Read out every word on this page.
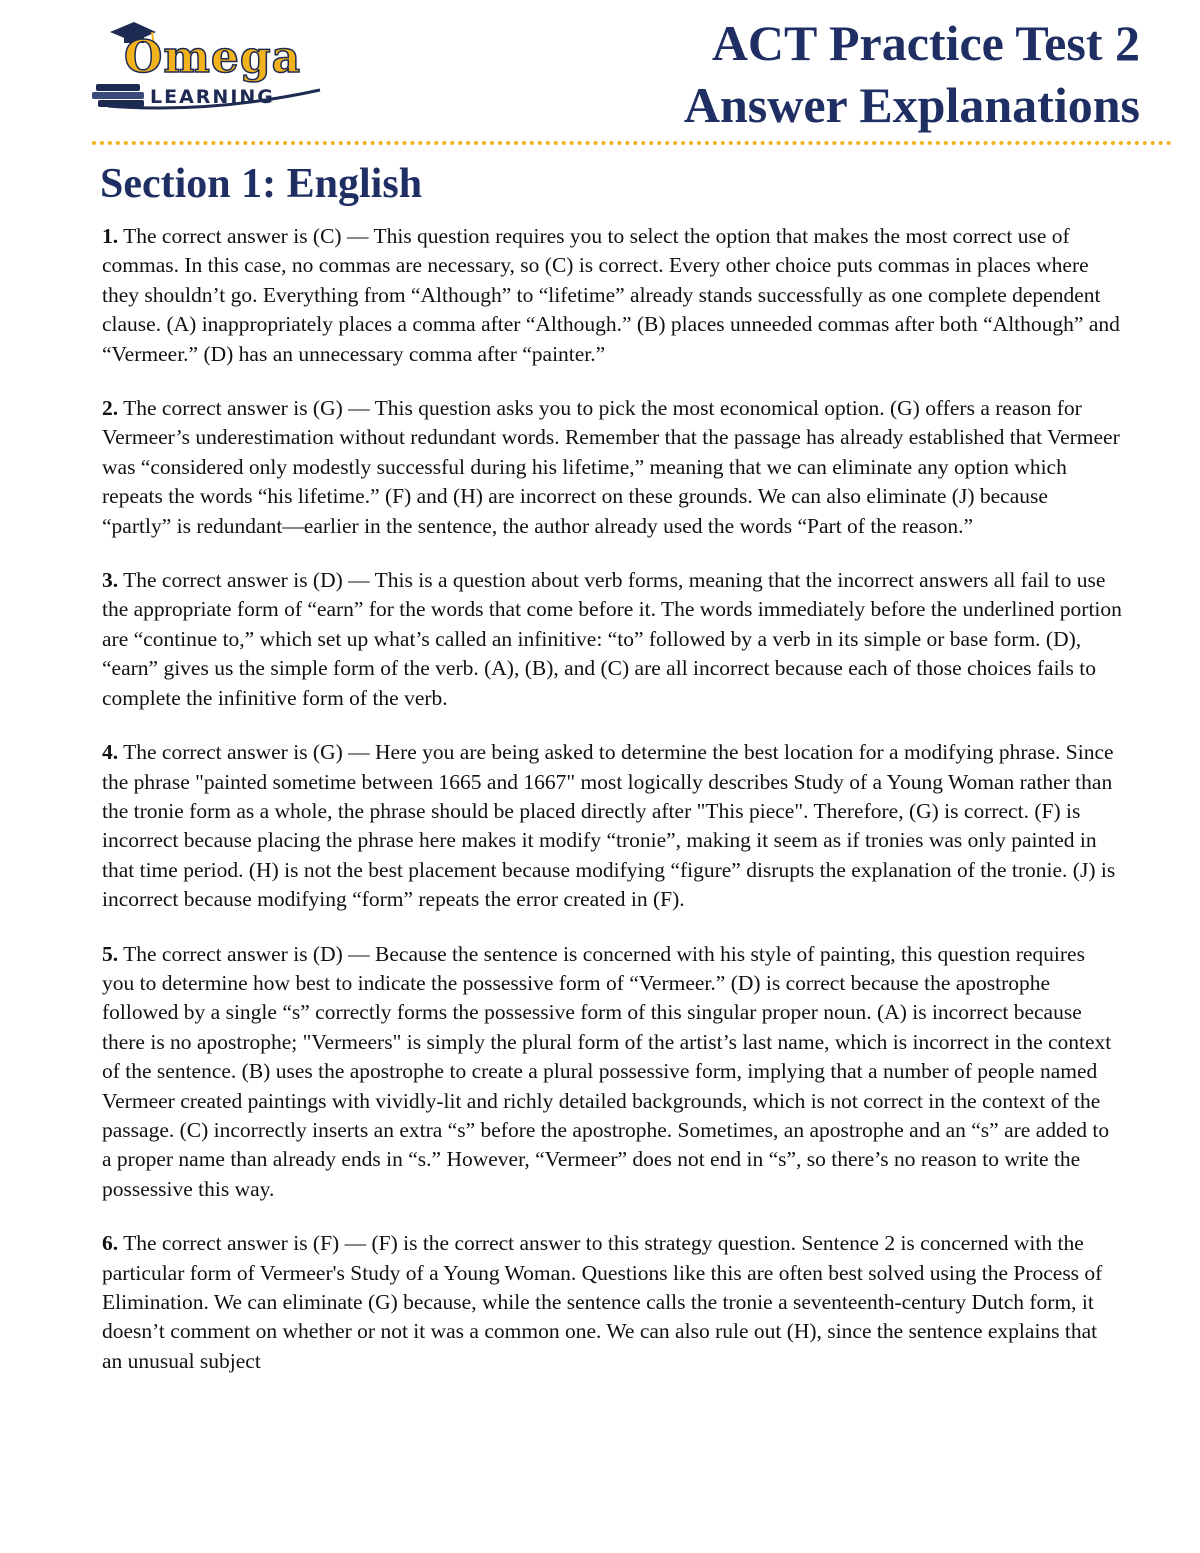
Omega
LEARNING
ACT Practice Test 2
Answer Explanations
Section 1: English

1. The correct answer is (C) — This question requires you to select the option that makes the most correct use of commas. In this case, no commas are necessary, so (C) is correct. Every other choice puts commas in places where they shouldn’t go. Everything from “Although” to “lifetime” already stands successfully as one complete dependent clause. (A) inappropriately places a comma after “Although.” (B) places unneeded commas after both “Although” and “Vermeer.” (D) has an unnecessary comma after “painter.”

2. The correct answer is (G) — This question asks you to pick the most economical option. (G) offers a reason for Vermeer’s underestimation without redundant words. Remember that the passage has already established that Vermeer was “considered only modestly successful during his lifetime,” meaning that we can eliminate any option which repeats the words “his lifetime.” (F) and (H) are incorrect on these grounds. We can also eliminate (J) because “partly” is redundant—earlier in the sentence, the author already used the words “Part of the reason.”

3. The correct answer is (D) — This is a question about verb forms, meaning that the incorrect answers all fail to use the appropriate form of “earn” for the words that come before it. The words immediately before the underlined portion are “continue to,” which set up what’s called an infinitive: “to” followed by a verb in its simple or base form. (D), “earn” gives us the simple form of the verb. (A), (B), and (C) are all incorrect because each of those choices fails to complete the infinitive form of the verb.

4. The correct answer is (G) — Here you are being asked to determine the best location for a modifying phrase. Since the phrase "painted sometime between 1665 and 1667" most logically describes Study of a Young Woman rather than the tronie form as a whole, the phrase should be placed directly after "This piece". Therefore, (G) is correct. (F) is incorrect because placing the phrase here makes it modify “tronie”, making it seem as if tronies was only painted in that time period. (H) is not the best placement because modifying “figure” disrupts the explanation of the tronie. (J) is incorrect because modifying “form” repeats the error created in (F).

5. The correct answer is (D) — Because the sentence is concerned with his style of painting, this question requires you to determine how best to indicate the possessive form of “Vermeer.” (D) is correct because the apostrophe followed by a single “s” correctly forms the possessive form of this singular proper noun. (A) is incorrect because there is no apostrophe; "Vermeers" is simply the plural form of the artist’s last name, which is incorrect in the context of the sentence. (B) uses the apostrophe to create a plural possessive form, implying that a number of people named Vermeer created paintings with vividly-lit and richly detailed backgrounds, which is not correct in the context of the passage. (C) incorrectly inserts an extra “s” before the apostrophe. Sometimes, an apostrophe and an “s” are added to a proper name than already ends in “s.” However, “Vermeer” does not end in “s”, so there’s no reason to write the possessive this way.

6. The correct answer is (F) — (F) is the correct answer to this strategy question. Sentence 2 is concerned with the particular form of Vermeer's Study of a Young Woman. Questions like this are often best solved using the Process of Elimination. We can eliminate (G) because, while the sentence calls the tronie a seventeenth-century Dutch form, it doesn’t comment on whether or not it was a common one. We can also rule out (H), since the sentence explains that an unusual subject
